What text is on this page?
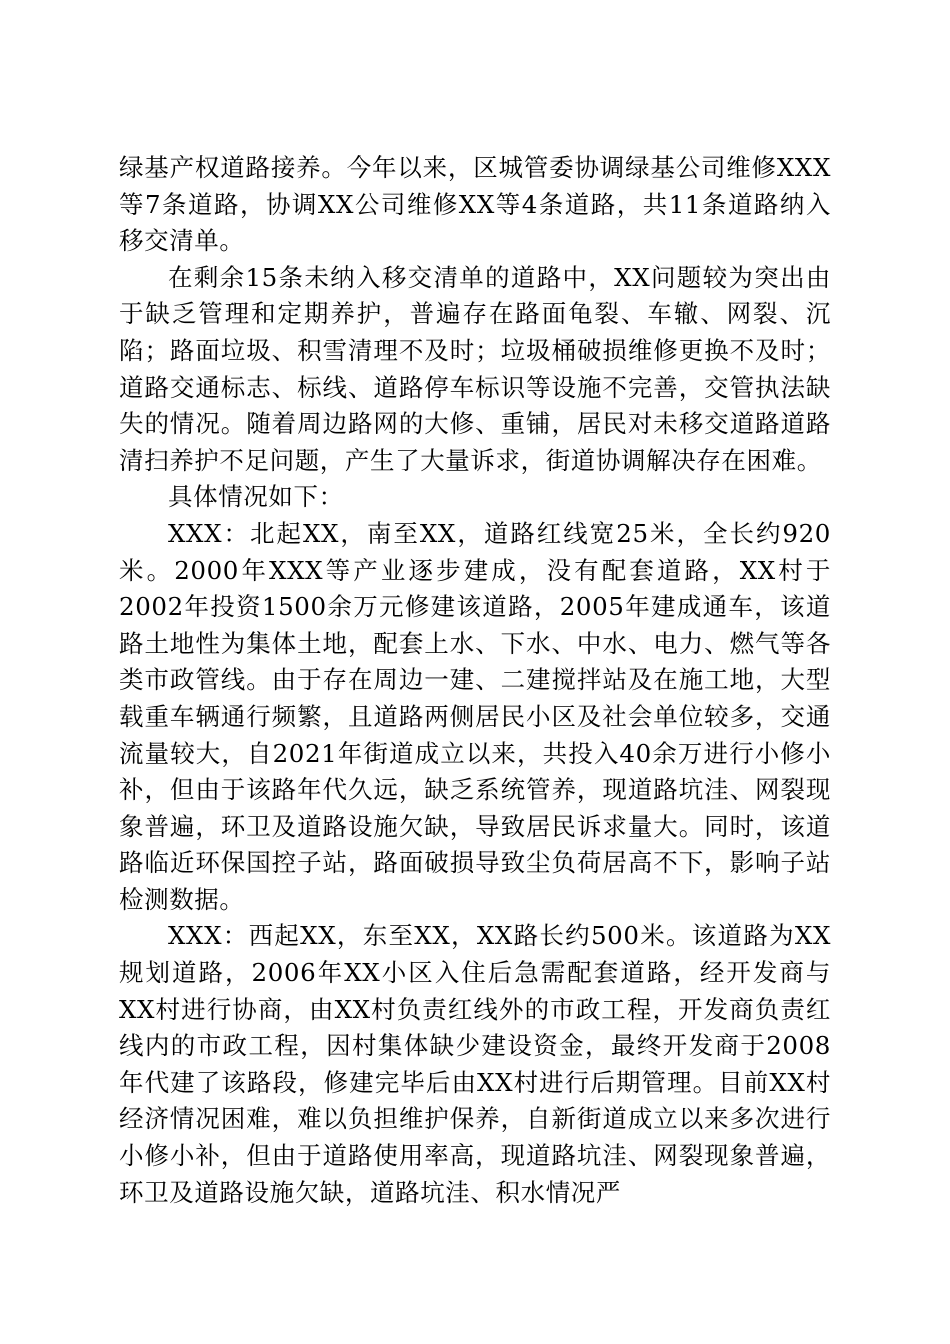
绿基产权道路接养。今年以来，区城管委协调绿基公司维修XXX等7条道路，协调XX公司维修XX等4条道路，共11条道路纳入移交清单。

在剩余15条未纳入移交清单的道路中，XX问题较为突出由于缺乏管理和定期养护，普遍存在路面龟裂、车辙、网裂、沉陷；路面垃圾、积雪清理不及时；垃圾桶破损维修更换不及时；道路交通标志、标线、道路停车标识等设施不完善，交管执法缺失的情况。随着周边路网的大修、重铺，居民对未移交道路道路清扫养护不足问题，产生了大量诉求，街道协调解决存在困难。

具体情况如下：

XXX：北起XX，南至XX，道路红线宽25米，全长约920米。2000年XXX等产业逐步建成，没有配套道路，XX村于2002年投资1500余万元修建该道路，2005年建成通车，该道路土地性为集体土地，配套上水、下水、中水、电力、燃气等各类市政管线。由于存在周边一建、二建搅拌站及在施工地，大型载重车辆通行频繁，且道路两侧居民小区及社会单位较多，交通流量较大，自2021年街道成立以来，共投入40余万进行小修小补，但由于该路年代久远，缺乏系统管养，现道路坑洼、网裂现象普遍，环卫及道路设施欠缺，导致居民诉求量大。同时，该道路临近环保国控子站，路面破损导致尘负荷居高不下，影响子站检测数据。

XXX：西起XX，东至XX，XX路长约500米。该道路为XX规划道路，2006年XX小区入住后急需配套道路，经开发商与XX村进行协商，由XX村负责红线外的市政工程，开发商负责红线内的市政工程，因村集体缺少建设资金，最终开发商于2008年代建了该路段，修建完毕后由XX村进行后期管理。目前XX村经济情况困难，难以负担维护保养，自新街道成立以来多次进行小修小补，但由于道路使用率高，现道路坑洼、网裂现象普遍，环卫及道路设施欠缺，道路坑洼、积水情况严
